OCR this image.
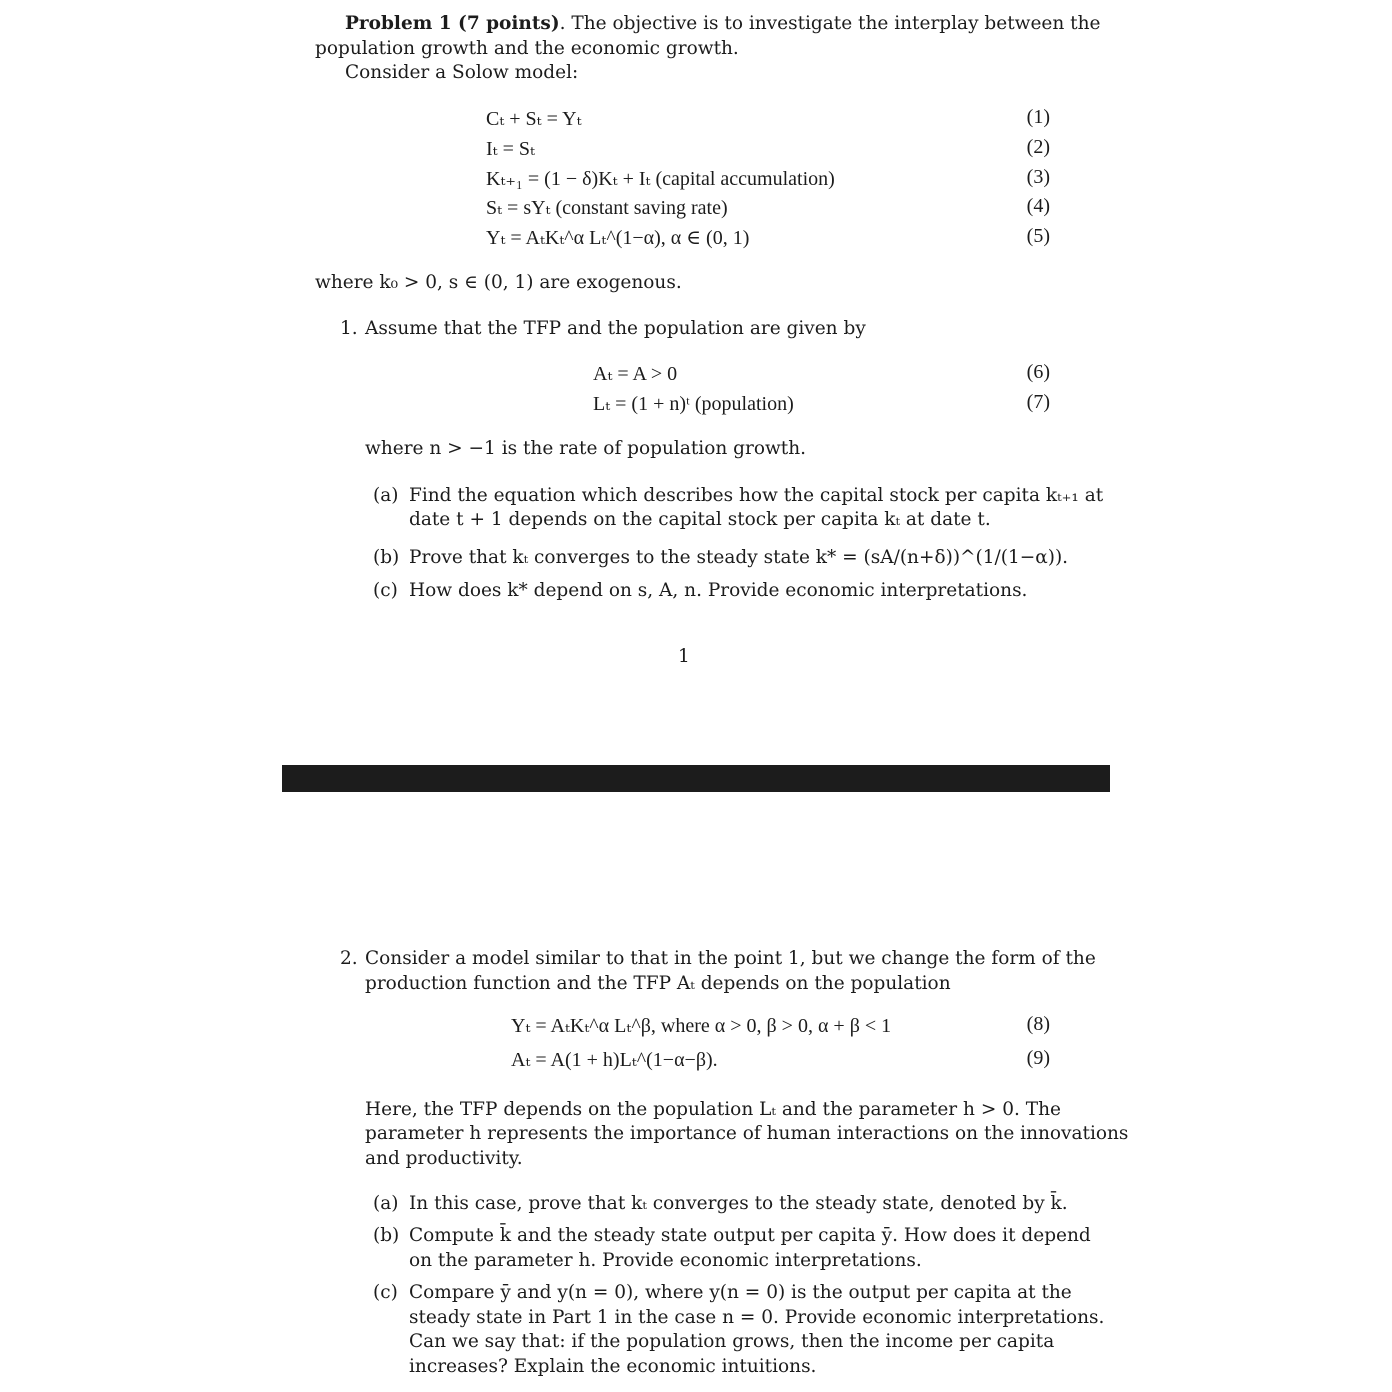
Problem 1 (7 points). The objective is to investigate the interplay between the
population growth and the economic growth.
Consider a Solow model:
Cₜ + Sₜ = Yₜ	(1)
Iₜ = Sₜ	(2)
Kₜ₊₁ = (1 − δ)Kₜ + Iₜ (capital accumulation)	(3)
Sₜ = sYₜ (constant saving rate)	(4)
Yₜ = AₜKₜ^α Lₜ^(1−α), α ∈ (0, 1)	(5)
where k₀ > 0, s ∈ (0, 1) are exogenous.
1. Assume that the TFP and the population are given by
Aₜ = A > 0	(6)
Lₜ = (1 + n)ᵗ (population)	(7)
where n > −1 is the rate of population growth.
(a) Find the equation which describes how the capital stock per capita kₜ₊₁ at
date t + 1 depends on the capital stock per capita kₜ at date t.
(b) Prove that kₜ converges to the steady state k* = (sA/(n+δ))^(1/(1−α)).
(c) How does k* depend on s, A, n. Provide economic interpretations.
1
2. Consider a model similar to that in the point 1, but we change the form of the
production function and the TFP Aₜ depends on the population
Yₜ = AₜKₜ^α Lₜ^β, where α > 0, β > 0, α + β < 1	(8)
Aₜ = A(1 + h)Lₜ^(1−α−β).	(9)
Here, the TFP depends on the population Lₜ and the parameter h > 0. The
parameter h represents the importance of human interactions on the innovations
and productivity.
(a) In this case, prove that kₜ converges to the steady state, denoted by k̄.
(b) Compute k̄ and the steady state output per capita ȳ. How does it depend
on the parameter h. Provide economic interpretations.
(c) Compare ȳ and y(n = 0), where y(n = 0) is the output per capita at the
steady state in Part 1 in the case n = 0. Provide economic interpretations.
Can we say that: if the population grows, then the income per capita
increases? Explain the economic intuitions.
